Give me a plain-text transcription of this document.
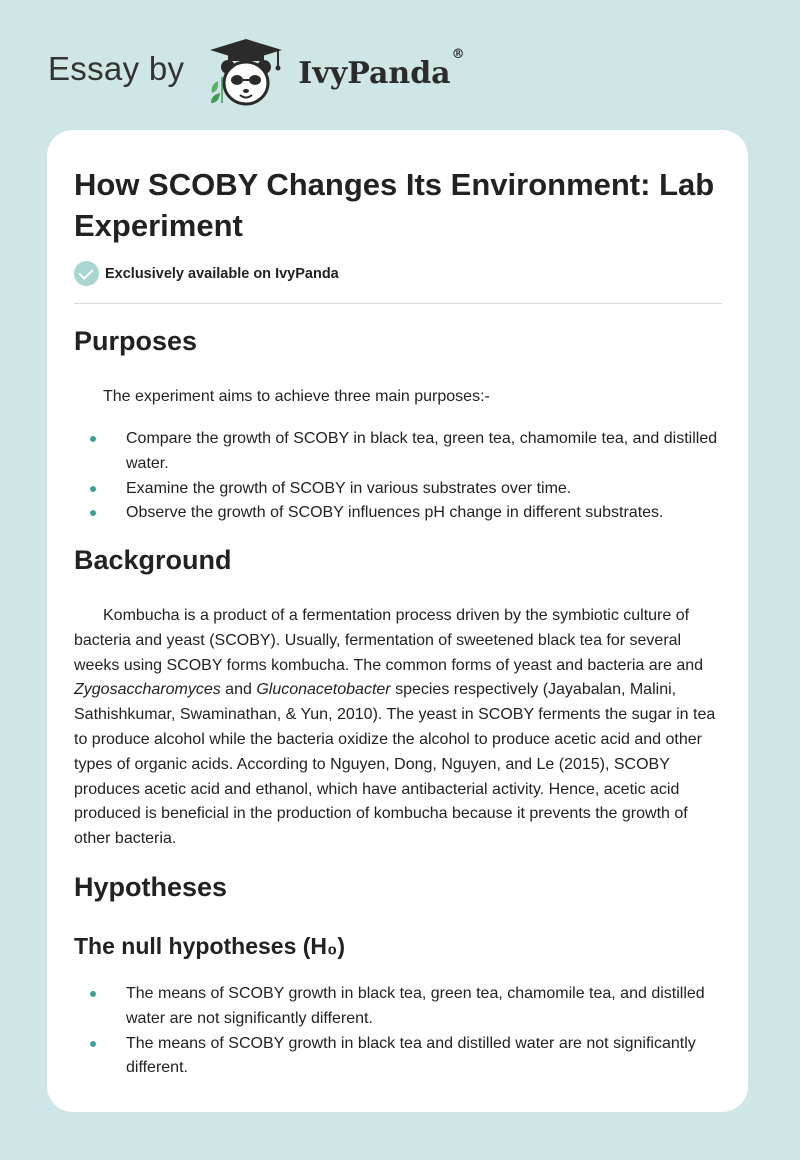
Essay by	IvyPanda®
How SCOBY Changes Its Environment: Lab Experiment
Exclusively available on IvyPanda
Purposes

The experiment aims to achieve three main purposes:-

Compare the growth of SCOBY in black tea, green tea, chamomile tea, and distilled water.
Examine the growth of SCOBY in various substrates over time.
Observe the growth of SCOBY influences pH change in different substrates.
Background

Kombucha is a product of a fermentation process driven by the symbiotic culture of bacteria and yeast (SCOBY). Usually, fermentation of sweetened black tea for several weeks using SCOBY forms kombucha. The common forms of yeast and bacteria are and Zygosaccharomyces and Gluconacetobacter species respectively (Jayabalan, Malini, Sathishkumar, Swaminathan, & Yun, 2010). The yeast in SCOBY ferments the sugar in tea to produce alcohol while the bacteria oxidize the alcohol to produce acetic acid and other types of organic acids. According to Nguyen, Dong, Nguyen, and Le (2015), SCOBY produces acetic acid and ethanol, which have antibacterial activity. Hence, acetic acid produced is beneficial in the production of kombucha because it prevents the growth of other bacteria.

Hypotheses
The null hypotheses (H₀)
The means of SCOBY growth in black tea, green tea, chamomile tea, and distilled water are not significantly different.
The means of SCOBY growth in black tea and distilled water are not significantly different.
